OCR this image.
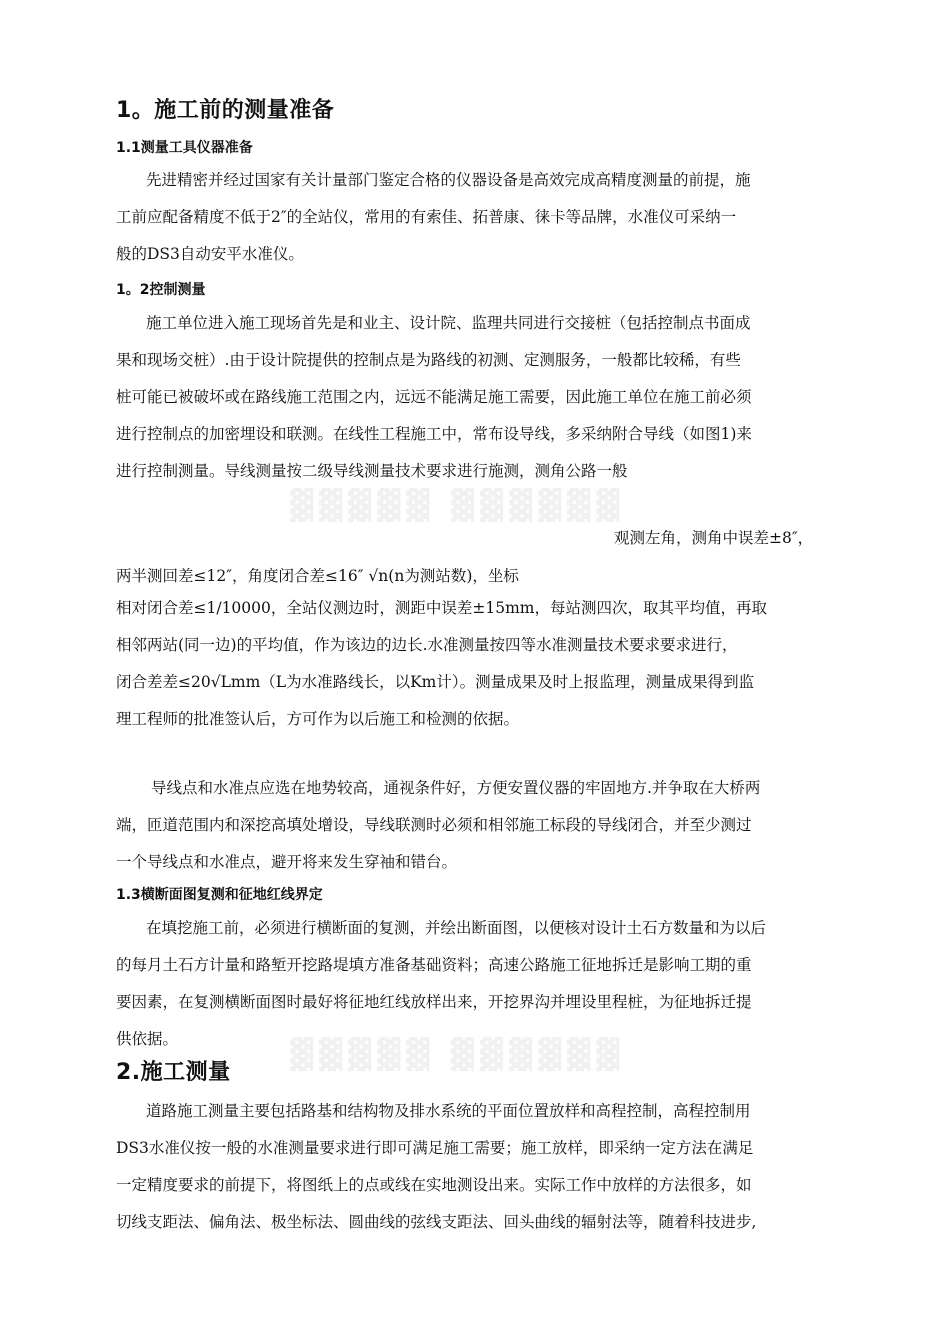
▓▓▓▓▓ ▓▓▓▓▓▓
▓▓▓▓▓ ▓▓▓▓▓▓
1。施工前的测量准备
1.1测量工具仪器准备
先进精密并经过国家有关计量部门鉴定合格的仪器设备是高效完成高精度测量的前提，施
工前应配备精度不低于2″的全站仪，常用的有索佳、拓普康、徕卡等品牌，水准仪可采纳一
般的DS3自动安平水准仪。
1。2控制测量
施工单位进入施工现场首先是和业主、设计院、监理共同进行交接桩（包括控制点书面成
果和现场交桩）.由于设计院提供的控制点是为路线的初测、定测服务，一般都比较稀，有些
桩可能已被破坏或在路线施工范围之内，远远不能满足施工需要，因此施工单位在施工前必须
进行控制点的加密埋设和联测。在线性工程施工中，常布设导线，多采纳附合导线（如图1)来
进行控制测量。导线测量按二级导线测量技术要求进行施测，测角公路一般
观测左角，测角中误差±8″，
两半测回差≤12″，角度闭合差≤16″ √n(n为测站数)，坐标
相对闭合差≤1/10000，全站仪测边时，测距中误差±15mm，每站测四次，取其平均值，再取
相邻两站(同一边)的平均值，作为该边的边长.水准测量按四等水准测量技术要求要求进行，
闭合差差≤20√Lmm（L为水准路线长，以Km计）。测量成果及时上报监理，测量成果得到监
理工程师的批准签认后，方可作为以后施工和检测的依据。
导线点和水准点应选在地势较高，通视条件好，方便安置仪器的牢固地方.并争取在大桥两
端，匝道范围内和深挖高填处增设，导线联测时必须和相邻施工标段的导线闭合，并至少测过
一个导线点和水准点，避开将来发生穿袖和错台。
1.3横断面图复测和征地红线界定
在填挖施工前，必须进行横断面的复测，并绘出断面图，以便核对设计土石方数量和为以后
的每月土石方计量和路堑开挖路堤填方准备基础资料；高速公路施工征地拆迁是影响工期的重
要因素，在复测横断面图时最好将征地红线放样出来，开挖界沟并埋设里程桩，为征地拆迁提
供依据。
2.施工测量
道路施工测量主要包括路基和结构物及排水系统的平面位置放样和高程控制，高程控制用
DS3水准仪按一般的水准测量要求进行即可满足施工需要；施工放样，即采纳一定方法在满足
一定精度要求的前提下，将图纸上的点或线在实地测设出来。实际工作中放样的方法很多，如
切线支距法、偏角法、极坐标法、圆曲线的弦线支距法、回头曲线的辐射法等，随着科技进步,
